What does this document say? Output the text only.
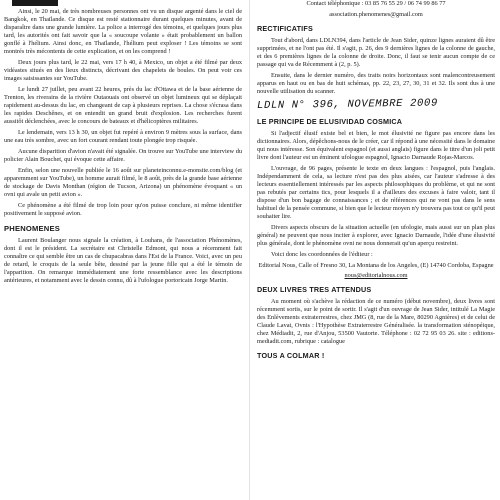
Ainsi, le 20 mai, de très nombreuses personnes ont vu un disque argenté dans le ciel de Bangkok, en Thaïlande. Ce disque est resté stationnaire durant quelques minutes, avant de disparaître dans une grande lumière. La police a interrogé des témoins, et quelques jours plus tard, les autorités ont fait savoir que la « soucoupe volante » était probablement un ballon gonflé à l'hélium. Ainsi donc, en Thaïlande, l'hélium peut exploser ! Les témoins se sont montrés très mécontents de cette explication, et on les comprend !

Deux jours plus tard, le 22 mai, vers 17 h 40, à Mexico, un objet a été filmé par deux vidéastes situés en des lieux distincts, décrivant des chapelets de boules. On peut voir ces images saisissantes sur YouTube.

Le lundi 27 juillet, peu avant 22 heures, près du lac d'Ottawa et de la base aérienne de Trenton, les riverains de la rivière Outaouais ont observé un objet lumineux qui se déplaçait rapidement au-dessus du lac, en changeant de cap à plusieurs reprises. La chose s'écrasa dans les rapides Deschênes, et on entendit un grand bruit d'explosion. Les recherches furent aussitôt déclenchées, avec le concours de bateaux et d'hélicoptères militaires.

Le lendemain, vers 13 h 30, un objet fut repéré à environ 9 mètres sous la surface, dans une eau très sombre, avec un fort courant rendant toute plongée trop risquée.

Aucune disparition d'avion n'avait été signalée. On trouve sur YouTube une interview du policier Alain Bouchet, qui évoque cette affaire.

Enfin, selon une nouvelle publiée le 16 août sur planeteinconnu.e-monsite.com/blog (et apparemment sur YouTube), un homme aurait filmé, le 8 août, près de la grande base aérienne de stockage de Davis Monthan (région de Tucson, Arizona) un phénomène évoquant « un ovni qui avale un petit avion ».

Ce phénomène a été filmé de trop loin pour qu'on puisse conclure, ni même identifier positivement le supposé avion.

PHENOMENES

Laurent Boulanger nous signale la création, à Louhans, de l'association Phénomènes, dont il est le président. La secrétaire est Christelle Edmont, qui nous a récemment fait connaître ce qui semble être un cas de chupacabras dans l'Est de la France. Voici, avec un peu de retard, le croquis de la seule bête, dessiné par la jeune fille qui a été le témoin de l'apparition. On remarque immédiatement une forte ressemblance avec les descriptions antérieures, et notamment avec le dessin connu, dû à l'ufologue portoricain Jorge Martin.

Contact téléphonique : 03 85 76 55 29 / 06 74 99 86 77

association.phenomenes@gmail.com

RECTIFICATIFS

Tout d'abord, dans LDLN394, dans l'article de Jean Sider, quinze lignes auraient dû être supprimées, et ne l'ont pas été. Il s'agit, p. 26, des 9 dernières lignes de la colonne de gauche, et des 6 premières lignes de la colonne de droite. Donc, il faut se tenir aucun compte de ce passage qui va de Récemment à (2, p. 5).

Ensuite, dans le dernier numéro, des traits noirs horizontaux sont malencontreusement apparus en haut ou en bas de huit schémas, pp. 22, 23, 27, 30, 31 et 32. Ils sont dus à une nouvelle utilisation du scanner.

LDLN N° 396, NOVEMBRE 2009
LE PRINCIPE DE ELUSIVIDAD COSMICA

Si l'adjectif élusif existe bel et bien, le mot élusivité ne figure pas encore dans les dictionnaires. Alors, dépêchons-nous de le créer, car il répond à une nécessité dans le domaine qui nous intéresse. Son équivalent espagnol (et aussi anglais) figure dans le titre d'un joli petit livre dont l'auteur est un éminent ufologue espagnol, Ignacio Darnaude Rojas-Marcos.

L'ouvrage, de 96 pages, présente le texte en deux langues : l'espagnol, puis l'anglais. Indépendamment de cela, sa lecture n'est pas des plus aisées, car l'auteur s'adresse à des lecteurs essentiellement intéressés par les aspects philosophiques du problème, et qui ne sont pas rebutés par certains tics, pour lesquels il a d'ailleurs des excuses à faire valoir, tant il dispose d'un bon bagage de connaissances ; et de références qui ne vont pas dans le sens habituel de la pensée commune, si bien que le lecteur moyen n'y trouvera pas tout ce qu'il peut souhaiter lire.

Divers aspects obscurs de la situation actuelle (en ufologie, mais aussi sur un plan plus général) ne peuvent que nous inciter à explorer, avec Ignacio Darnaude, l'idée d'une élusivité plus générale, dont le phénomène ovni ne nous donnerait qu'un aperçu restreint.

Voici donc les coordonnées de l'éditeur :

Editorial Nous, Calle of Fresno 30, La Montana de los Angeles, (E) 14740 Cordoba, Espagne

nous@editorialnous.com

DEUX LIVRES TRES ATTENDUS

Au moment où s'achève la rédaction de ce numéro (début novembre), deux livres sont récemment sortis, sur le point de sortir. Il s'agit d'un ouvrage de Jean Sider, intitulé La Magie des Enlèvements extraterrestres, chez JMG (8, rue de la Mare, 80290 Agnières) et de celui de Claude Lavat, Ovnis : l'Hypothèse Extraterrestre Généralisée. la transformation sténopéique, chez Médiadit, 2, rue d'Anjou, 53500 Vautorte. Téléphone : 02 72 95 03 26. site : editions-mediadit.com, rubrique : catalogue

TOUS A COLMAR !
